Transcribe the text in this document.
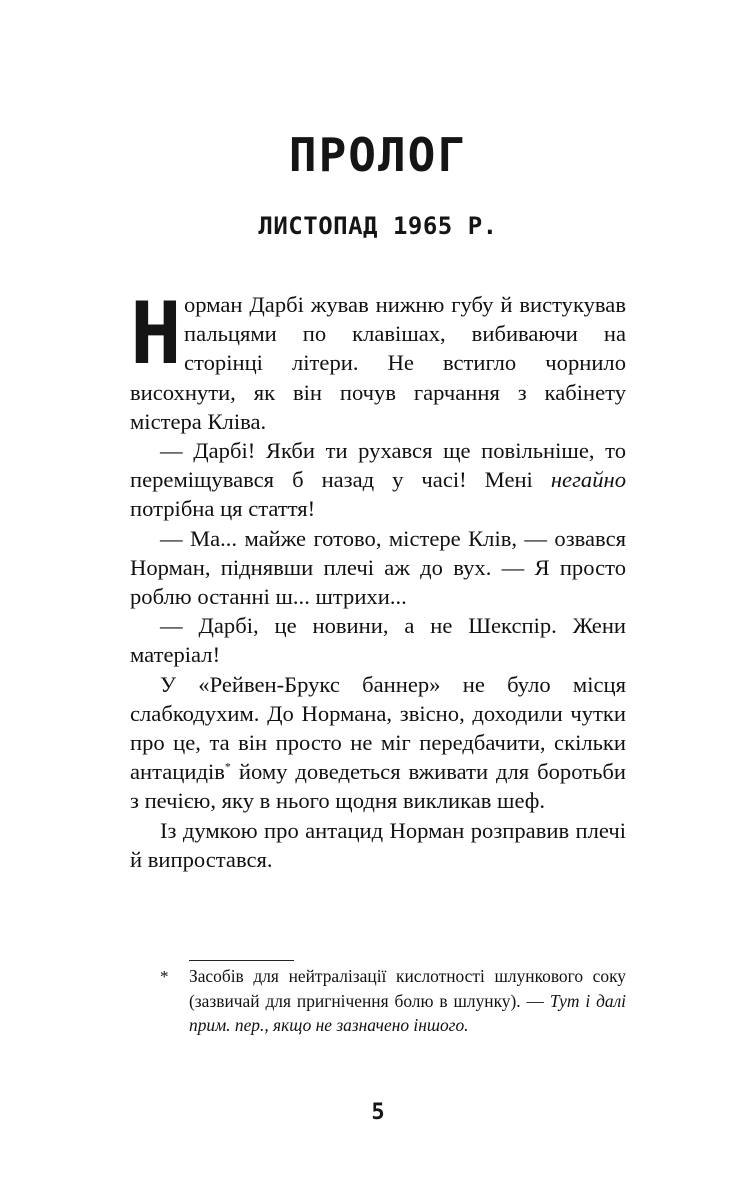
ПРОЛОГ
ЛИСТОПАД 1965 Р.

Норман Дарбі жував нижню губу й вистукував пальцями по клавішах, вибиваючи на сторінці літери. Не встигло чорнило висохнути, як він почув гарчання з кабінету містера Кліва.

— Дарбі! Якби ти рухався ще повільніше, то переміщувався б назад у часі! Мені негайно потрібна ця стаття!

— Ма... майже готово, містере Клів, — озвався Норман, піднявши плечі аж до вух. — Я просто роблю останні ш... штрихи...

— Дарбі, це новини, а не Шекспір. Жени матеріал!

У «Рейвен-Брукс баннер» не було місця слабкодухим. До Нормана, звісно, доходили чутки про це, та він просто не міг передбачити, скільки антацидів* йому доведеться вживати для боротьби з печією, яку в нього щодня викликав шеф.

Із думкою про антацид Норман розправив плечі й випростався.

*	Засобів для нейтралізації кислотності шлункового соку (зазвичай для пригнічення болю в шлунку). — Тут і далі прим. пер., якщо не зазначено іншого.
5
